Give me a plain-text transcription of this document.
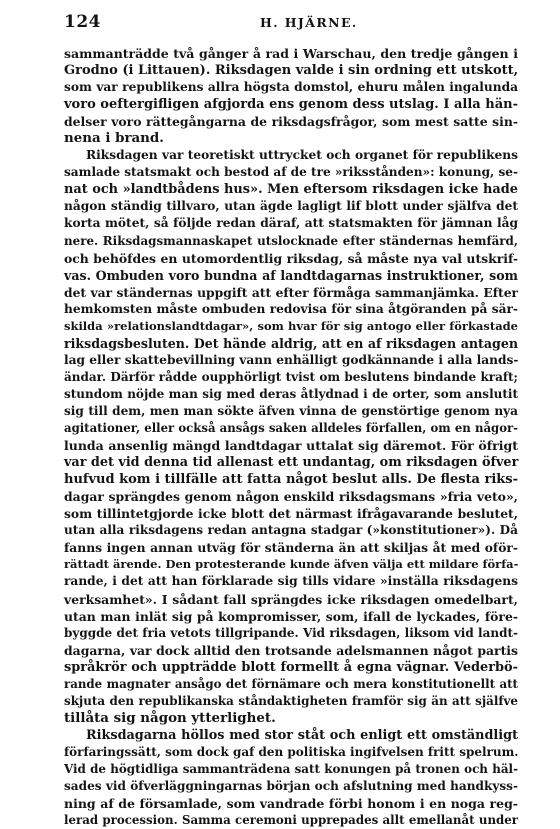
124	H. HJÄRNE.
sammanträdde två gånger å rad i Warschau, den tredje gången i
Grodno (i Littauen). Riksdagen valde i sin ordning ett utskott,
som var republikens allra högsta domstol, ehuru målen ingalunda
voro oeftergifligen afgjorda ens genom dess utslag. I alla hän-
delser voro rättegångarna de riksdagsfrågor, som mest satte sin-
nena i brand.
Riksdagen var teoretiskt uttrycket och organet för republikens
samlade statsmakt och bestod af de tre »riksstånden»: konung, se-
nat och »landtbådens hus». Men eftersom riksdagen icke hade
någon ständig tillvaro, utan ägde lagligt lif blott under själfva det
korta mötet, så följde redan däraf, att statsmakten för jämnan låg
nere. Riksdagsmannaskapet utslocknade efter ständernas hemfärd,
och behöfdes en utomordentlig riksdag, så måste nya val utskrif-
vas. Ombuden voro bundna af landtdagarnas instruktioner, som
det var ständernas uppgift att efter förmåga sammanjämka. Efter
hemkomsten måste ombuden redovisa för sina åtgöranden på sär-
skilda »relationslandtdagar», som hvar för sig antogo eller förkastade
riksdagsbesluten. Det hände aldrig, att en af riksdagen antagen
lag eller skattebevillning vann enhälligt godkännande i alla lands-
ändar. Därför rådde oupphörligt tvist om beslutens bindande kraft;
stundom nöjde man sig med deras åtlydnad i de orter, som anslutit
sig till dem, men man sökte äfven vinna de genstörtige genom nya
agitationer, eller också ansågs saken alldeles förfallen, om en någor-
lunda ansenlig mängd landtdagar uttalat sig däremot. För öfrigt
var det vid denna tid allenast ett undantag, om riksdagen öfver
hufvud kom i tillfälle att fatta något beslut alls. De flesta riks-
dagar sprängdes genom någon enskild riksdagsmans »fria veto»,
som tillintetgjorde icke blott det närmast ifrågavarande beslutet,
utan alla riksdagens redan antagna stadgar (»konstitutioner»). Då
fanns ingen annan utväg för ständerna än att skiljas åt med oför-
rättadt ärende. Den protesterande kunde äfven välja ett mildare förfa-
rande, i det att han förklarade sig tills vidare »inställa riksdagens
verksamhet». I sådant fall sprängdes icke riksdagen omedelbart,
utan man inlät sig på kompromisser, som, ifall de lyckades, före-
byggde det fria vetots tillgripande. Vid riksdagen, liksom vid landt-
dagarna, var dock alltid den trotsande adelsmannen något partis
språkrör och uppträdde blott formellt å egna vägnar. Vederbö-
rande magnater ansågo det förnämare och mera konstitutionellt att
skjuta den republikanska ståndaktigheten framför sig än att själfve
tillåta sig någon ytterlighet.
Riksdagarna höllos med stor ståt och enligt ett omständligt
förfaringssätt, som dock gaf den politiska ingifvelsen fritt spelrum.
Vid de högtidliga sammanträdena satt konungen på tronen och häl-
sades vid öfverläggningarnas början och afslutning med handkyss-
ning af de församlade, som vandrade förbi honom i en noga reg-
lerad procession. Samma ceremoni upprepades allt emellanåt under
